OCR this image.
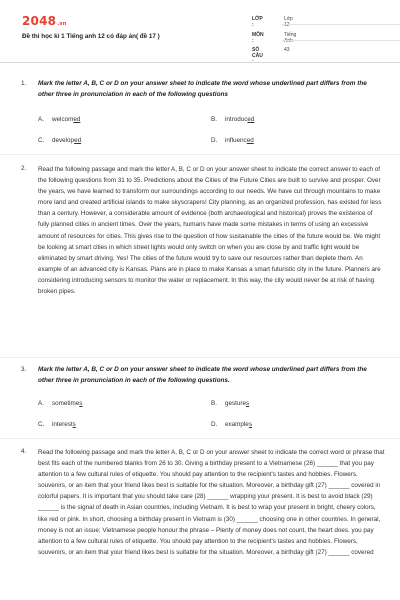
2048.vn
Đề thi học kì 1 Tiếng anh 12 có đáp án( đề 17 )
LỚP :
Lớp 12
MÔN :
Tiếng Anh
SỐ CÂU :
43
1. Mark the letter A, B, C or D on your answer sheet to indicate the word whose underlined part differs from the other three in pronunciation in each of the following questions
A. welcomed	B. introduced
C. developed	D. influenced
2. Read the following passage and mark the letter A, B, C or D on your answer sheet to indicate the correct answer to each of the following questions from 31 to 35. Predictions about the Cities of the Future Cities are built to survive and prosper. Over the years, we have learned to transform our surroundings according to our needs. We have cut through mountains to make more land and created artificial islands to make skyscrapers! City planning, as an organized profession, has existed for less than a century. However, a considerable amount of evidence (both archaeological and historical) proves the existence of fully planned cities in ancient times. Over the years, humans have made some mistakes in terms of using an excessive amount of resources for cities. This gives rise to the question of how sustainable the cities of the future would be. We might be looking at smart cities in which street lights would only switch on when you are close by and traffic light would be eliminated by smart driving. Yes! The cities of the future would try to save our resources rather than deplete them. An example of an advanced city is Kansas. Plans are in place to make Kansas a smart futuristic city in the future. Planners are considering introducing sensors to monitor the water or replacement. In this way, the city would never be at risk of having broken pipes.
3. Mark the letter A, B, C or D on your answer sheet to indicate the word whose underlined part differs from the other three in pronunciation in each of the following questions.
A. sometimes	B. gestures
C. interests	D. examples
4. Read the following passage and mark the letter A, B, C or D on your answer sheet to indicate the correct word or phrase that best fits each of the numbered blanks from 26 to 30. Giving a birthday present to a Vietnamese (26) ______ that you pay attention to a few cultural rules of etiquette. You should pay attention to the recipient's tastes and hobbies. Flowers, souvenirs, or an item that your friend likes best is suitable for the situation. Moreover, a birthday gift (27) ______ covered in colorful papers. It is important that you should take care (28) ______ wrapping your present. It is best to avoid black (29) ______ is the signal of death in Asian countries, including Vietnam. It is best to wrap your present in bright, cheery colors, like red or pink. In short, choosing a birthday present in Vietnam is (30) ______ choosing one in other countries. In general, money is not an issue; Vietnamese people honour the phrase – Plenty of money does not count, the heart does. you pay attention to a few cultural rules of etiquette. You should pay attention to the recipient's tastes and hobbies. Flowers, souvenirs, or an item that your friend likes best is suitable for the situation. Moreover, a birthday gift (27) ______ covered
